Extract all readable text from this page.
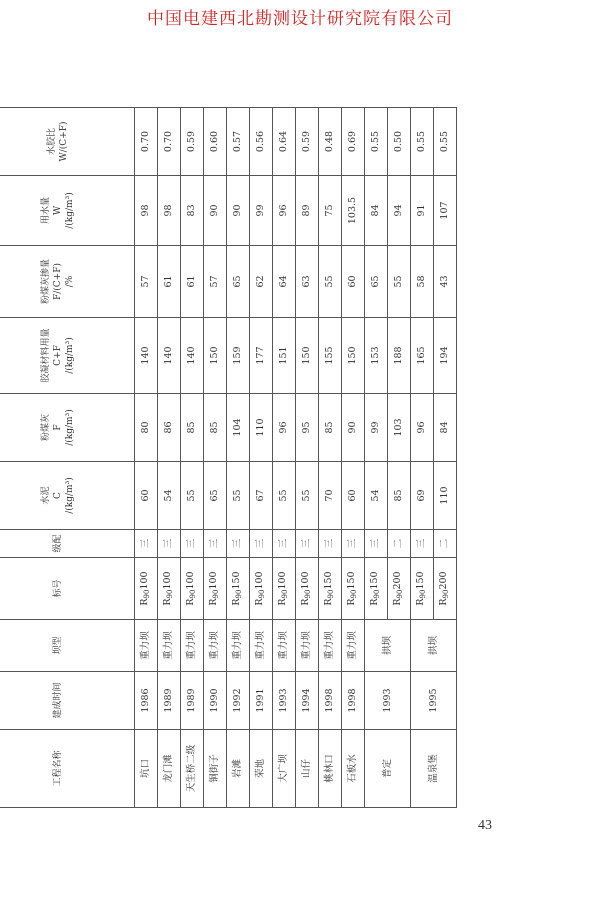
中国电建西北勘测设计研究院有限公司
工程名称	建成时间	坝型	标号	级配	水泥 C /(kg/m³)	粉煤灰 F /(kg/m³)	胶凝材料用量 C+F /(kg/m³)	粉煤灰掺量 F/(C+F) /%	用水量 W /(kg/m³)	水胶比 W/(C+F)

坑口	1986	重力坝	$R_{90}100$	三	60	80	140	57	98	0.70
龙门滩	1989	重力坝	$R_{90}100$	三	54	86	140	61	98	0.70
天生桥二级	1989	重力坝	$R_{90}100$	三	55	85	140	61	83	0.59
铜街子	1990	重力坝	$R_{90}100$	三	65	85	150	57	90	0.60
岩滩	1992	重力坝	$R_{90}150$	三	55	104	159	65	90	0.57
荣地	1991	重力坝	$R_{90}100$	三	67	110	177	62	99	0.56
大广坝	1993	重力坝	$R_{90}100$	三	55	96	151	64	96	0.64
山仔	1994	重力坝	$R_{90}100$	三	55	95	150	63	89	0.59
桃林口	1998	重力坝	$R_{90}150$	三	70	85	155	55	75	0.48
石板水	1998	重力坝	$R_{90}150$	三	60	90	150	60	103.5	0.69
普定	1993	拱坝	$R_{90}150$	三	54	99	153	65	84	0.55
			$R_{90}200$	二	85	103	188	55	94	0.50
温泉堡	1995	拱坝	$R_{90}150$	三	69	96	165	58	91	0.55
			$R_{90}200$	二	110	84	194	43	107	0.55
43
